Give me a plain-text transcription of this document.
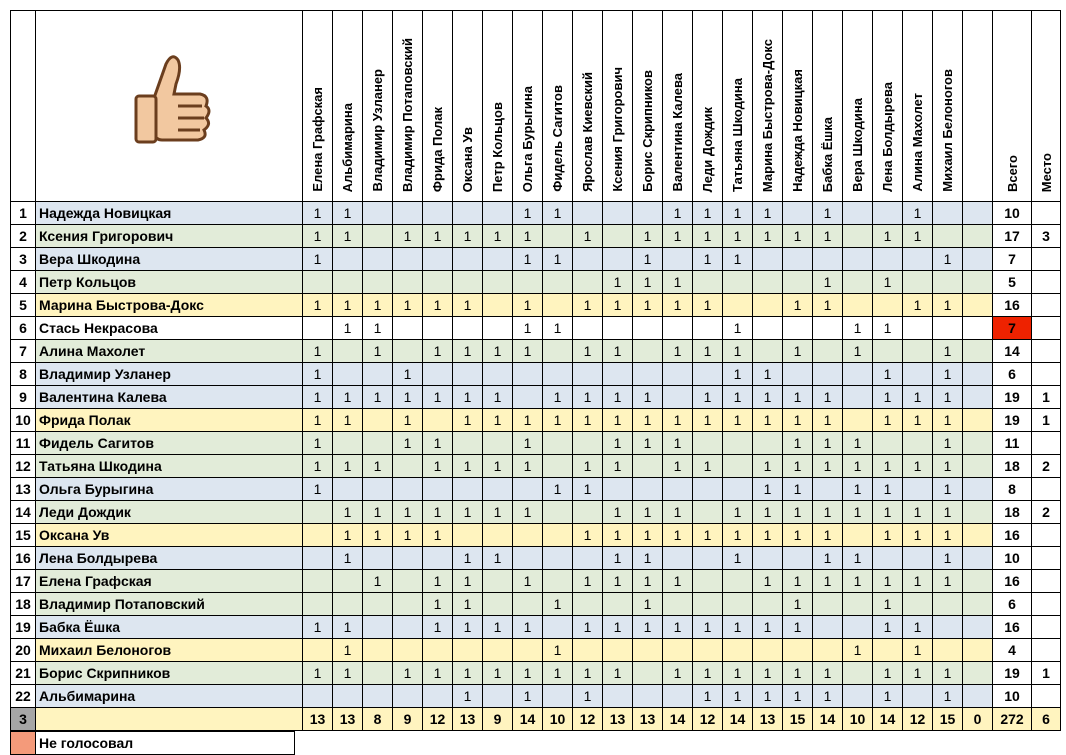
		Елена Графская	Альбимарина	Владимир Узланер	Владимир Потаповский	Фрида Полак	Оксана Ув	Петр Кольцов	Ольга Бурыгина	Фидель Сагитов	Ярослав Киевский	Ксения Григорович	Борис Скрипников	Валентина Калева	Леди Дождик	Татьяна Шкодина	Марина Быстрова-Докс	Надежда Новицкая	Бабка Ёшка	Вера Шкодина	Лена Болдырева	Алина Махолет	Михаил Белоногов		Всего	Место
1	Надежда Новицкая	1	1						1	1				1	1	1	1		1			1			10	
2	Ксения Григорович	1	1		1	1	1	1	1		1		1	1	1	1	1	1	1		1	1			17	3
3	Вера Шкодина	1							1	1			1		1	1							1		7	
4	Петр Кольцов											1	1	1					1		1				5	
5	Марина Быстрова-Докс	1	1	1	1	1	1		1		1	1	1	1	1			1	1			1	1		16	
6	Стась Некрасова		1	1					1	1						1				1	1				7	
7	Алина Махолет	1		1		1	1	1	1		1	1		1	1	1		1		1			1		14	
8	Владимир Узланер	1			1											1	1				1		1		6	
9	Валентина Калева	1	1	1	1	1	1	1		1	1	1	1		1	1	1	1	1		1	1	1		19	1
10	Фрида Полак	1	1		1		1	1	1	1	1	1	1	1	1	1	1	1	1		1	1	1		19	1
11	Фидель Сагитов	1			1	1			1			1	1	1				1	1	1			1		11	
12	Татьяна Шкодина	1	1	1		1	1	1	1		1	1		1	1		1	1	1	1	1	1	1		18	2
13	Ольга Бурыгина	1								1	1						1	1		1	1		1		8	
14	Леди Дождик		1	1	1	1	1	1	1			1	1	1		1	1	1	1	1	1	1	1		18	2
15	Оксана Ув		1	1	1	1					1	1	1	1	1	1	1	1	1		1	1	1		16	
16	Лена Болдырева		1				1	1				1	1			1			1	1			1		10	
17	Елена Графская			1		1	1		1		1	1	1	1			1	1	1	1	1	1	1		16	
18	Владимир Потаповский					1	1			1			1					1			1				6	
19	Бабка Ёшка	1	1			1	1	1	1		1	1	1	1	1	1	1	1			1	1			16	
20	Михаил Белоногов		1							1										1		1			4	
21	Борис Скрипников	1	1		1	1	1	1	1	1	1	1		1	1	1	1	1	1		1	1	1		19	1
22	Альбимарина						1		1		1				1	1	1	1	1		1		1		10	
3		13	13	8	9	12	13	9	14	10	12	13	13	14	12	14	13	15	14	10	14	12	15	0	272	6
	Не голосовал
